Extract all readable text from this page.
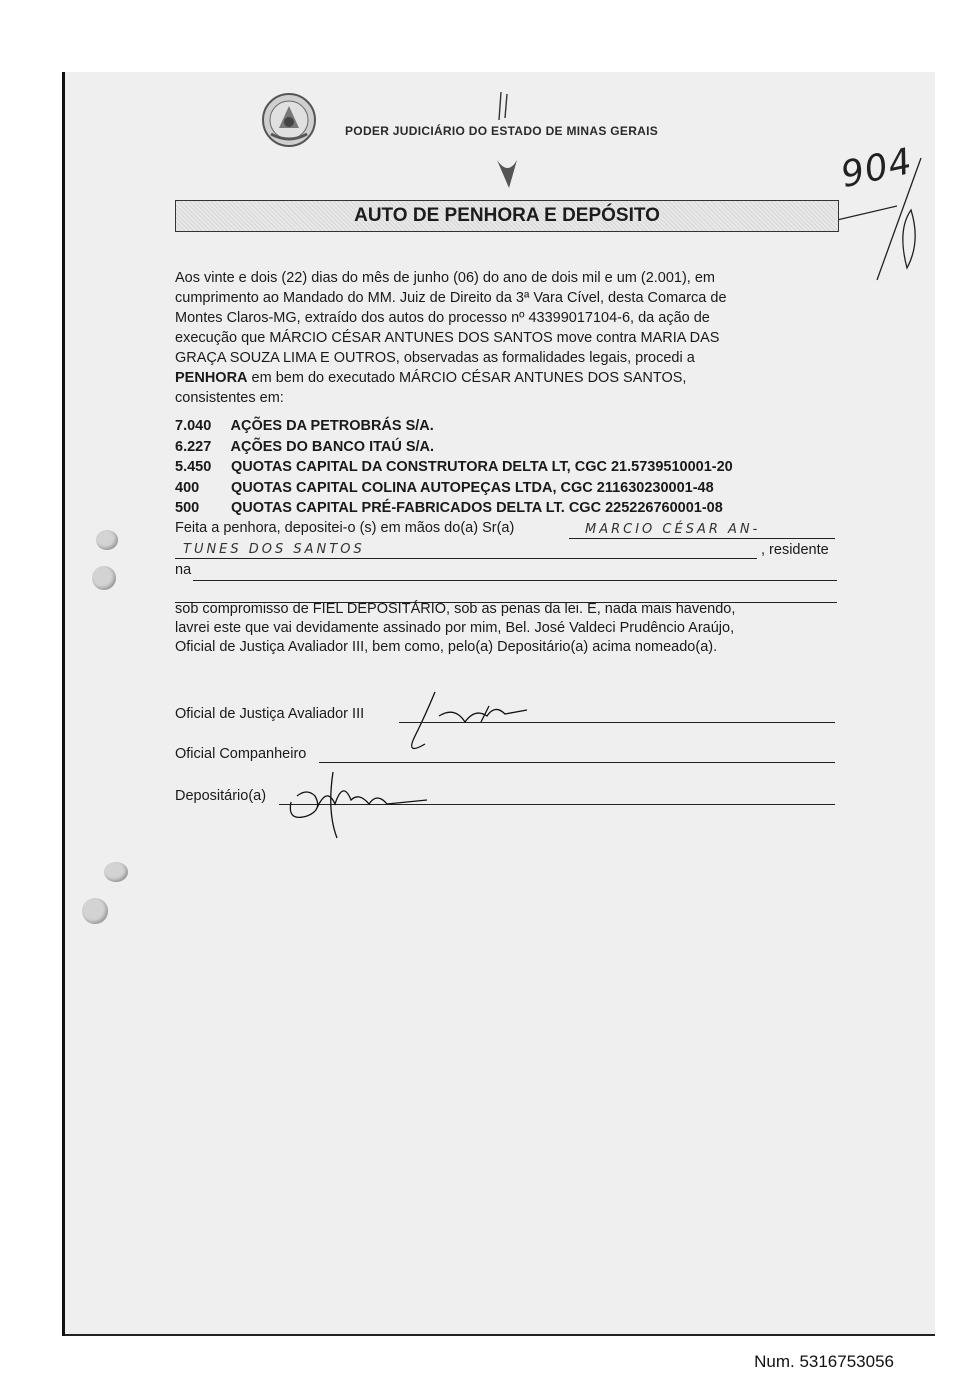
PODER JUDICIÁRIO DO ESTADO DE MINAS GERAIS
904
AUTO DE PENHORA E DEPÓSITO
Aos vinte e dois (22) dias do mês de junho (06) do ano de dois mil e um (2.001), em
cumprimento ao Mandado do MM. Juiz de Direito da 3ª Vara Cível, desta Comarca de
Montes Claros-MG, extraído dos autos do processo nº 43399017104-6, da ação de
execução que MÁRCIO CÉSAR ANTUNES DOS SANTOS move contra MARIA DAS
GRAÇA SOUZA LIMA E OUTROS, observadas as formalidades legais, procedi a
PENHORA em bem do executado MÁRCIO CÉSAR ANTUNES DOS SANTOS,
consistentes em:
7.040 AÇÕES DA PETROBRÁS S/A.
6.227 AÇÕES DO BANCO ITAÚ S/A.
5.450 QUOTAS CAPITAL DA CONSTRUTORA DELTA LT, CGC 21.5739510001-20
400 QUOTAS CAPITAL COLINA AUTOPEÇAS LTDA, CGC 211630230001-48
500 QUOTAS CAPITAL PRÉ-FABRICADOS DELTA LT. CGC 225226760001-08
Feita a penhora, depositei-o (s) em mãos do(a) Sr(a)	MARCIO CÉSAR AN-
TUNES DOS SANTOS	, residente
na
sob compromisso de FIEL DEPOSITÁRIO, sob as penas da lei. E, nada mais havendo,
lavrei este que vai devidamente assinado por mim, Bel. José Valdeci Prudêncio Araújo,
Oficial de Justiça Avaliador III, bem como, pelo(a) Depositário(a) acima nomeado(a).
Oficial de Justiça Avaliador III
Oficial Companheiro
Depositário(a)
Num. 5316753056
